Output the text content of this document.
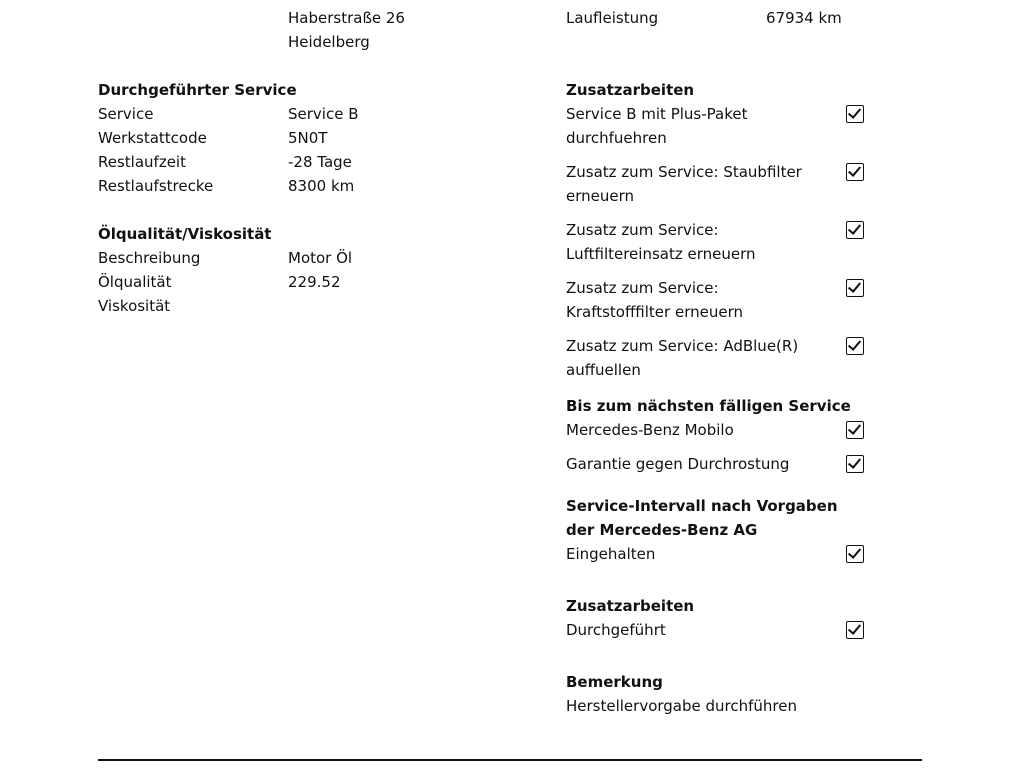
Haberstraße 26
Heidelberg
Durchgeführter Service
Service	Service B
Werkstattcode	5N0T
Restlaufzeit	-28 Tage
Restlaufstrecke	8300 km
Ölqualität/Viskosität
Beschreibung	Motor Öl
Ölqualität	229.52
Viskosität
Laufleistung	67934 km
Zusatzarbeiten
Service B mit Plus-Paket durchfuehren
Zusatz zum Service: Staubfilter erneuern
Zusatz zum Service: Luftfiltereinsatz erneuern
Zusatz zum Service: Kraftstofffilter erneuern
Zusatz zum Service: AdBlue(R) auffuellen
Bis zum nächsten fälligen Service
Mercedes-Benz Mobilo
Garantie gegen Durchrostung
Service-Intervall nach Vorgaben der Mercedes-Benz AG
Eingehalten
Zusatzarbeiten
Durchgeführt
Bemerkung
Herstellervorgabe durchführen
